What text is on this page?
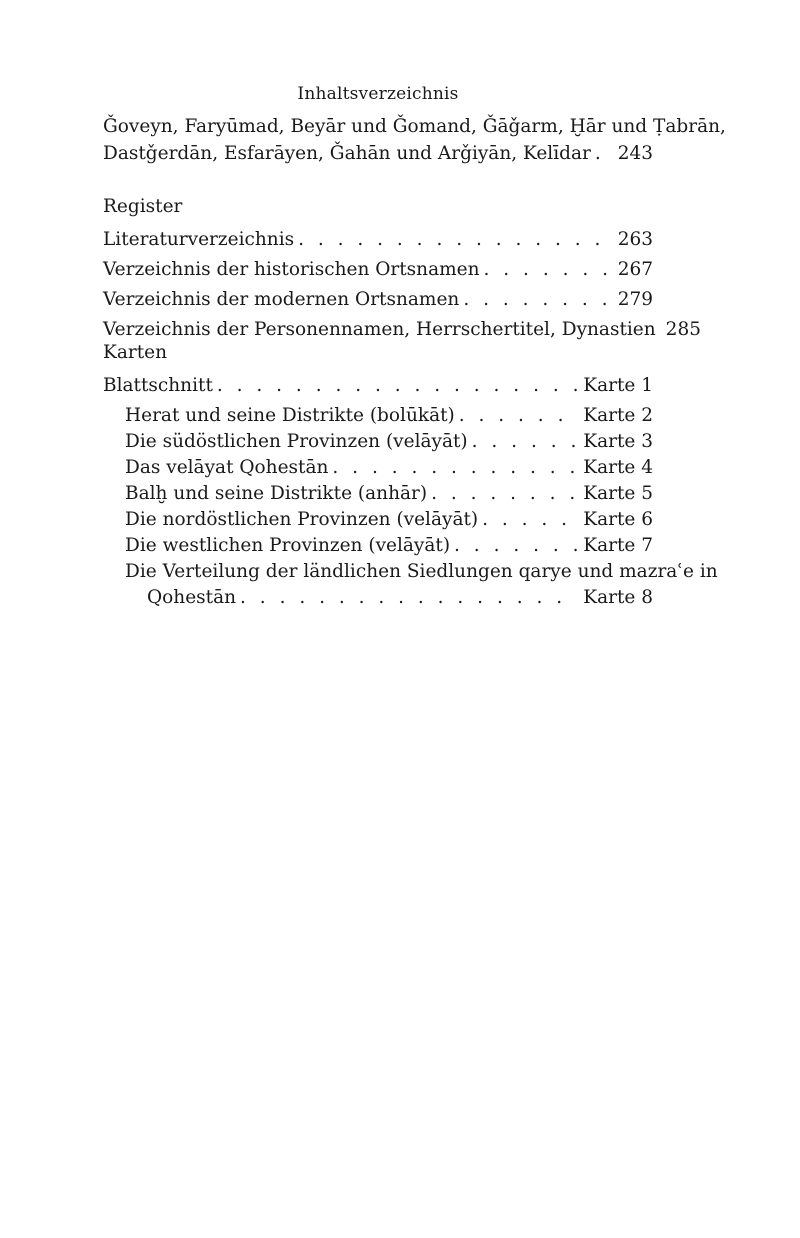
Inhaltsverzeichnis
Ǧoveyn, Faryūmad, Beyār und Ǧomand, Ǧāǧarm, Ḫār und Ṭabrān,
Dastǧerdān, Esfarāyen, Ǧahān und Arǧiyān, Kelīdar . . . 243
Register
Literaturverzeichnis . . .	263
Verzeichnis der historischen Ortsnamen . . .	267
Verzeichnis der modernen Ortsnamen . . .	279
Verzeichnis der Personennamen, Herrschertitel, Dynastien 285
Karten
Blattschnitt . . .	Karte 1
Herat und seine Distrikte (bolūkāt) . . .	Karte 2
Die südöstlichen Provinzen (velāyāt) . . .	Karte 3
Das velāyat Qohestān . . .	Karte 4
Balḫ und seine Distrikte (anhār) . . .	Karte 5
Die nordöstlichen Provinzen (velāyāt) . . .	Karte 6
Die westlichen Provinzen (velāyāt) . . .	Karte 7
Die Verteilung der ländlichen Siedlungen qarye und mazraʿe in
Qohestān . . .	Karte 8
